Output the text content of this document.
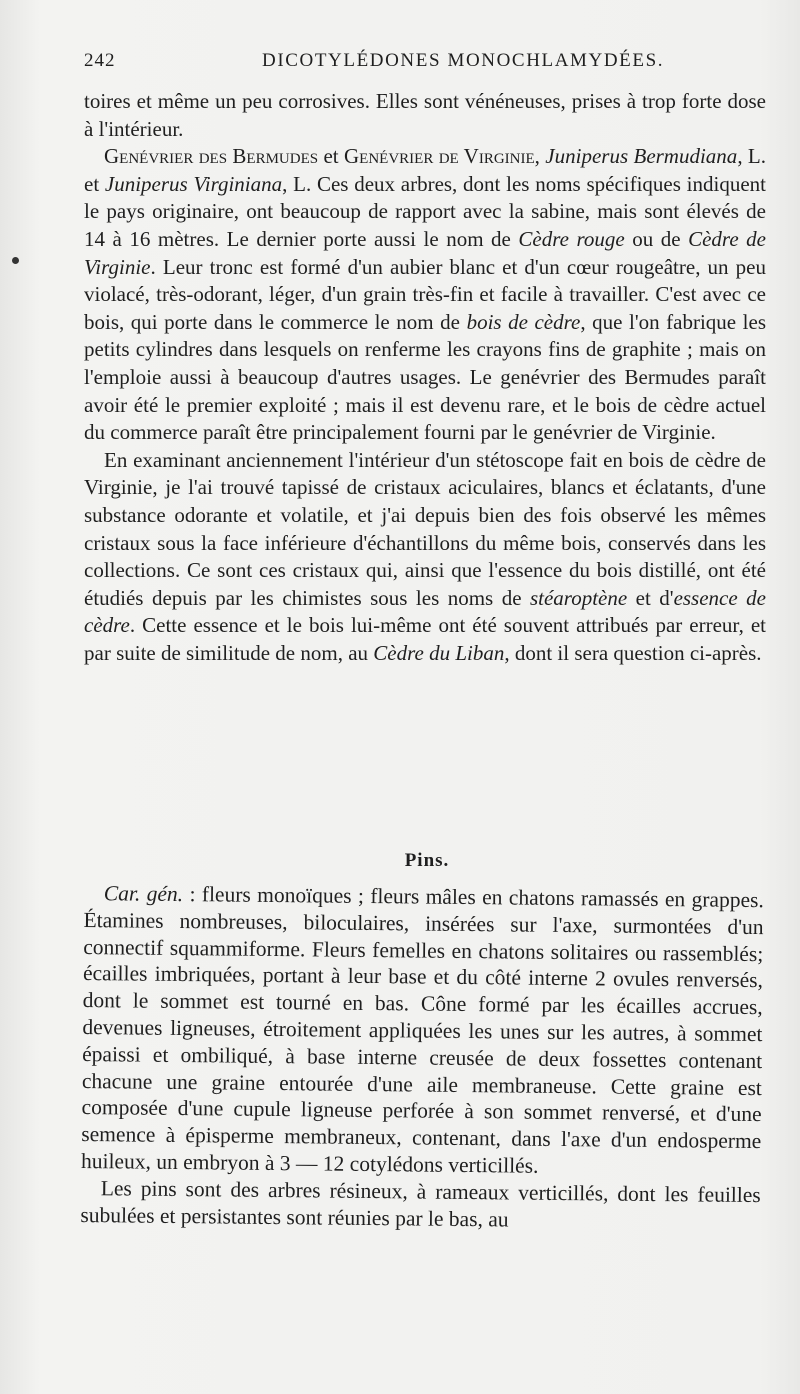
242	DICOTYLÉDONES MONOCHLAMYDÉES.

toires et même un peu corrosives. Elles sont vénéneuses, prises à trop forte dose à l'intérieur.

Genévrier des Bermudes et Genévrier de Virginie, Juniperus Bermudiana, L. et Juniperus Virginiana, L. Ces deux arbres, dont les noms spécifiques indiquent le pays originaire, ont beaucoup de rapport avec la sabine, mais sont élevés de 14 à 16 mètres. Le dernier porte aussi le nom de Cèdre rouge ou de Cèdre de Virginie. Leur tronc est formé d'un aubier blanc et d'un cœur rougeâtre, un peu violacé, très-odorant, léger, d'un grain très-fin et facile à travailler. C'est avec ce bois, qui porte dans le commerce le nom de bois de cèdre, que l'on fabrique les petits cylindres dans lesquels on renferme les crayons fins de graphite ; mais on l'emploie aussi à beaucoup d'autres usages. Le genévrier des Bermudes paraît avoir été le premier exploité ; mais il est devenu rare, et le bois de cèdre actuel du commerce paraît être principalement fourni par le genévrier de Virginie.

En examinant anciennement l'intérieur d'un stétoscope fait en bois de cèdre de Virginie, je l'ai trouvé tapissé de cristaux aciculaires, blancs et éclatants, d'une substance odorante et volatile, et j'ai depuis bien des fois observé les mêmes cristaux sous la face inférieure d'échantillons du même bois, conservés dans les collections. Ce sont ces cristaux qui, ainsi que l'essence du bois distillé, ont été étudiés depuis par les chimistes sous les noms de stéaroptène et d'essence de cèdre. Cette essence et le bois lui-même ont été souvent attribués par erreur, et par suite de similitude de nom, au Cèdre du Liban, dont il sera question ci-après.

Pins.

Car. gén. : fleurs monoïques ; fleurs mâles en chatons ramassés en grappes. Étamines nombreuses, biloculaires, insérées sur l'axe, surmontées d'un connectif squammiforme. Fleurs femelles en chatons solitaires ou rassemblés; écailles imbriquées, portant à leur base et du côté interne 2 ovules renversés, dont le sommet est tourné en bas. Cône formé par les écailles accrues, devenues ligneuses, étroitement appliquées les unes sur les autres, à sommet épaissi et ombiliqué, à base interne creusée de deux fossettes contenant chacune une graine entourée d'une aile membraneuse. Cette graine est composée d'une cupule ligneuse perforée à son sommet renversé, et d'une semence à épisperme membraneux, contenant, dans l'axe d'un endosperme huileux, un embryon à 3 — 12 cotylédons verticillés.

Les pins sont des arbres résineux, à rameaux verticillés, dont les feuilles subulées et persistantes sont réunies par le bas, au
